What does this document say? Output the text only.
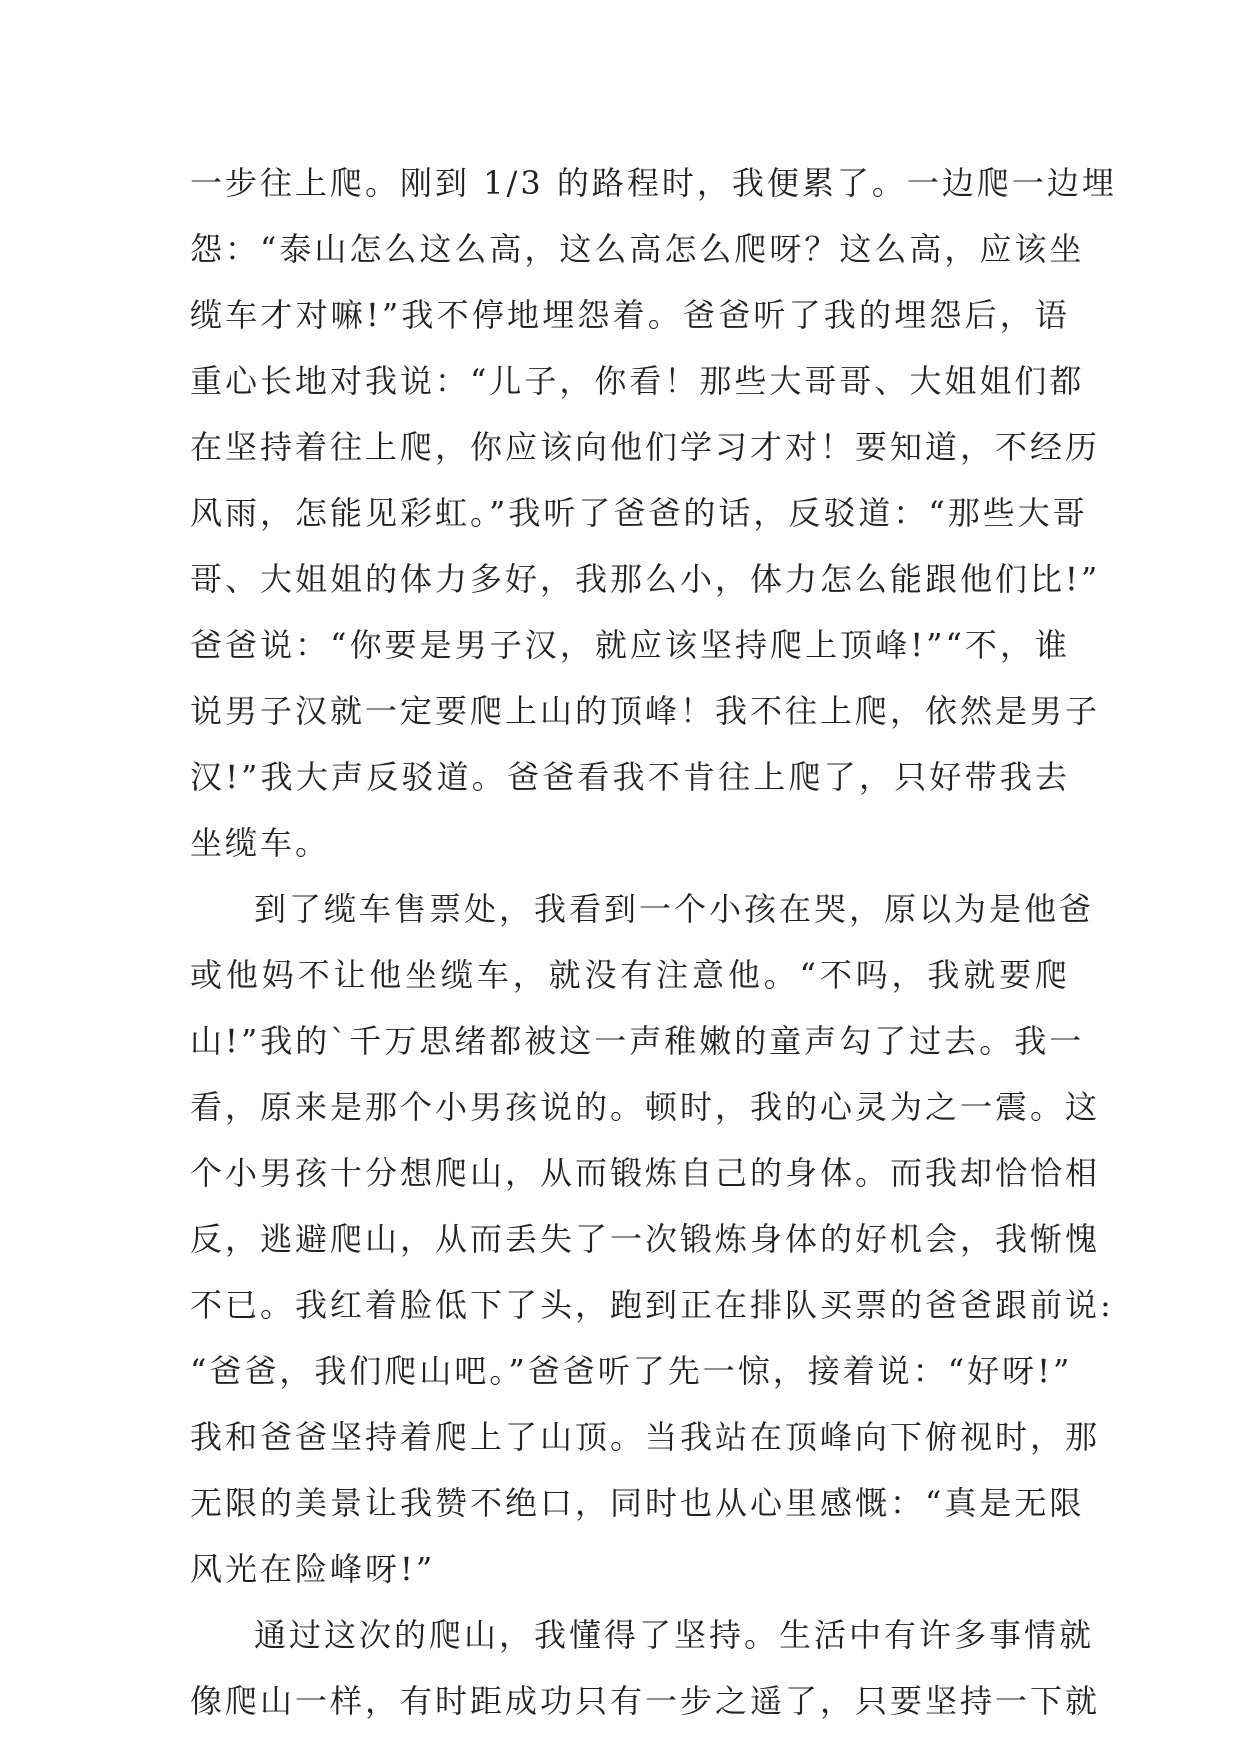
一步往上爬。刚到 1/3 的路程时，我便累了。一边爬一边埋
怨：“泰山怎么这么高，这么高怎么爬呀？这么高，应该坐
缆车才对嘛!”我不停地埋怨着。爸爸听了我的埋怨后，语
重心长地对我说：“儿子，你看！那些大哥哥、大姐姐们都
在坚持着往上爬，你应该向他们学习才对！要知道，不经历
风雨，怎能见彩虹。”我听了爸爸的话，反驳道：“那些大哥
哥、大姐姐的体力多好，我那么小，体力怎么能跟他们比!”
爸爸说：“你要是男子汉，就应该坚持爬上顶峰!”“不，谁
说男子汉就一定要爬上山的顶峰！我不往上爬，依然是男子
汉!”我大声反驳道。爸爸看我不肯往上爬了，只好带我去
坐缆车。
到了缆车售票处，我看到一个小孩在哭，原以为是他爸
或他妈不让他坐缆车，就没有注意他。“不吗，我就要爬
山!”我的`千万思绪都被这一声稚嫩的童声勾了过去。我一
看，原来是那个小男孩说的。顿时，我的心灵为之一震。这
个小男孩十分想爬山，从而锻炼自己的身体。而我却恰恰相
反，逃避爬山，从而丢失了一次锻炼身体的好机会，我惭愧
不已。我红着脸低下了头，跑到正在排队买票的爸爸跟前说:
“爸爸，我们爬山吧。”爸爸听了先一惊，接着说：“好呀!”
我和爸爸坚持着爬上了山顶。当我站在顶峰向下俯视时，那
无限的美景让我赞不绝口，同时也从心里感慨：“真是无限
风光在险峰呀!”
通过这次的爬山，我懂得了坚持。生活中有许多事情就
像爬山一样，有时距成功只有一步之遥了，只要坚持一下就
